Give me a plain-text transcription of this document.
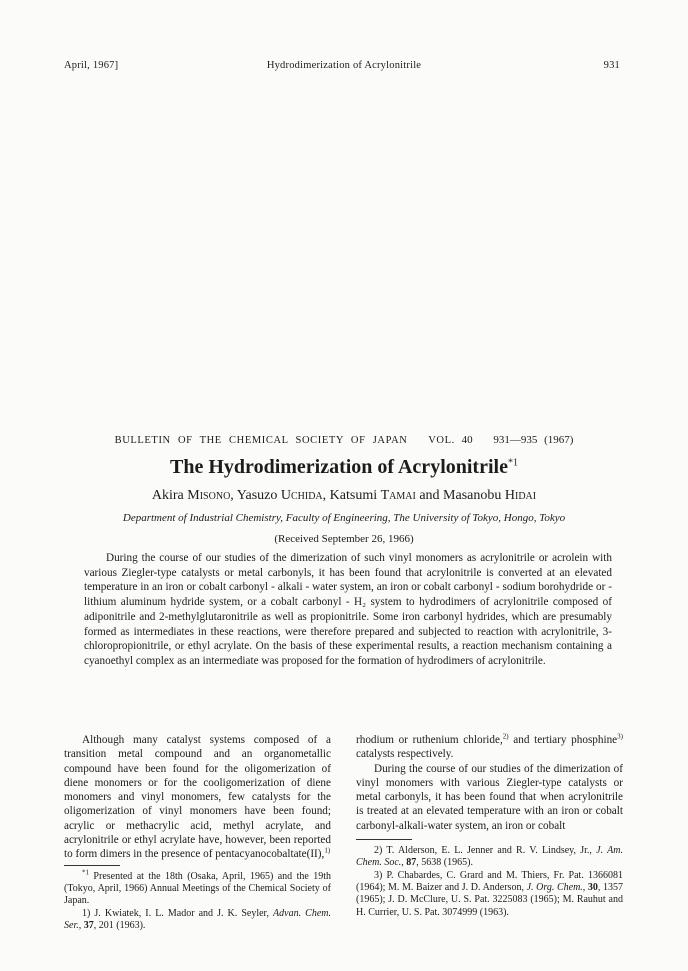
April, 1967]	Hydrodimerization of Acrylonitrile	931
BULLETIN OF THE CHEMICAL SOCIETY OF JAPAN VOL. 40 931—935 (1967)
The Hydrodimerization of Acrylonitrile$^{*1}$
Akira Misono, Yasuzo Uchida, Katsumi Tamai and Masanobu Hidai
Department of Industrial Chemistry, Faculty of Engineering, The University of Tokyo, Hongo, Tokyo
(Received September 26, 1966)

During the course of our studies of the dimerization of such vinyl monomers as acrylonitrile or acrolein with various Ziegler-type catalysts or metal carbonyls, it has been found that acrylonitrile is converted at an elevated temperature in an iron or cobalt carbonyl - alkali - water system, an iron or cobalt carbonyl - sodium borohydride or -lithium aluminum hydride system, or a cobalt carbonyl - H₂ system to hydrodimers of acrylonitrile composed of adiponitrile and 2-methylglutaronitrile as well as propionitrile. Some iron carbonyl hydrides, which are presumably formed as intermediates in these reactions, were therefore prepared and subjected to reaction with acrylonitrile, 3-chloropropionitrile, or ethyl acrylate. On the basis of these experimental results, a reaction mechanism containing a cyanoethyl complex as an intermediate was proposed for the formation of hydrodimers of acrylonitrile.

Although many catalyst systems composed of a transition metal compound and an organometallic compound have been found for the oligomerization of diene monomers or for the cooligomerization of diene monomers and vinyl monomers, few catalysts for the oligomerization of vinyl monomers have been found; acrylic or methacrylic acid, methyl acrylate, and acrylonitrile or ethyl acrylate have, however, been reported to form dimers in the presence of pentacyanocobaltate(II),$^{1)}$

$^{*1}$ Presented at the 18th (Osaka, April, 1965) and the 19th (Tokyo, April, 1966) Annual Meetings of the Chemical Society of Japan.

1) J. Kwiatek, I. L. Mador and J. K. Seyler, Advan. Chem. Ser., 37, 201 (1963).

rhodium or ruthenium chloride,$^{2)}$ and tertiary phosphine$^{3)}$ catalysts respectively.

During the course of our studies of the dimerization of vinyl monomers with various Ziegler-type catalysts or metal carbonyls, it has been found that when acrylonitrile is treated at an elevated temperature with an iron or cobalt carbonyl-alkali-water system, an iron or cobalt

2) T. Alderson, E. L. Jenner and R. V. Lindsey, Jr., J. Am. Chem. Soc., 87, 5638 (1965).

3) P. Chabardes, C. Grard and M. Thiers, Fr. Pat. 1366081 (1964); M. M. Baizer and J. D. Anderson, J. Org. Chem., 30, 1357 (1965); J. D. McClure, U. S. Pat. 3225083 (1965); M. Rauhut and H. Currier, U. S. Pat. 3074999 (1963).
